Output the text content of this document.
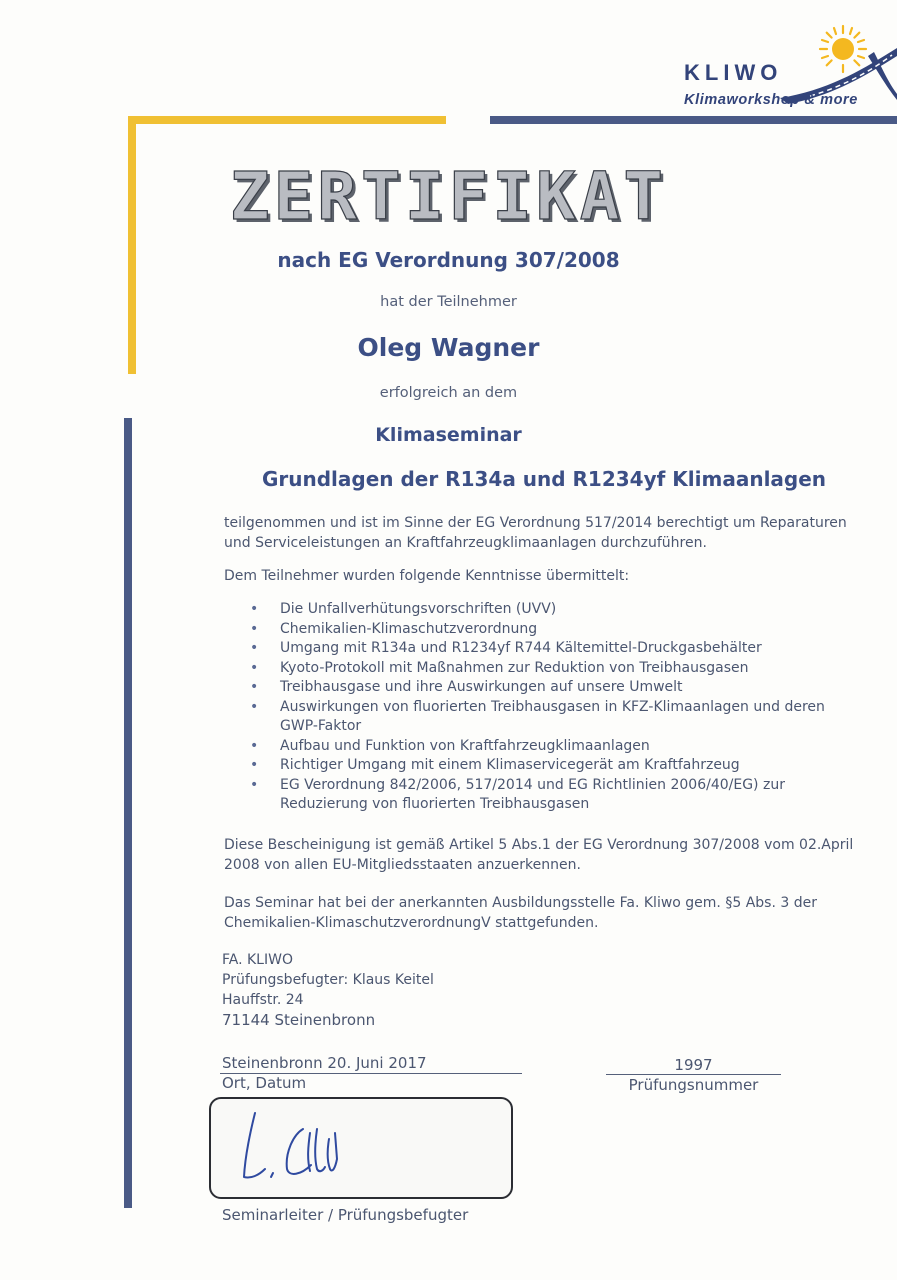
KLIWO
Klimaworkshop & more
ZERTIFIKAT
nach EG Verordnung 307/2008
hat der Teilnehmer
Oleg Wagner
erfolgreich an dem
Klimaseminar
Grundlagen der R134a und R1234yf Klimaanlagen
teilgenommen und ist im Sinne der EG Verordnung 517/2014 berechtigt um Reparaturen und Serviceleistungen an Kraftfahrzeugklimaanlagen durchzuführen.
Dem Teilnehmer wurden folgende Kenntnisse übermittelt:
• Die Unfallverhütungsvorschriften (UVV)
• Chemikalien-Klimaschutzverordnung
• Umgang mit R134a und R1234yf R744 Kältemittel-Druckgasbehälter
• Kyoto-Protokoll mit Maßnahmen zur Reduktion von Treibhausgasen
• Treibhausgase und ihre Auswirkungen auf unsere Umwelt
• Auswirkungen von fluorierten Treibhausgasen in KFZ-Klimaanlagen und deren GWP-Faktor
• Aufbau und Funktion von Kraftfahrzeugklimaanlagen
• Richtiger Umgang mit einem Klimaservicegerät am Kraftfahrzeug
• EG Verordnung 842/2006, 517/2014 und EG Richtlinien 2006/40/EG) zur Reduzierung von fluorierten Treibhausgasen
Diese Bescheinigung ist gemäß Artikel 5 Abs.1 der EG Verordnung 307/2008 vom 02.April 2008 von allen EU-Mitgliedsstaaten anzuerkennen.
Das Seminar hat bei der anerkannten Ausbildungsstelle Fa. Kliwo gem. §5 Abs. 3 der Chemikalien-KlimaschutzverordnungV stattgefunden.
FA. KLIWO
Prüfungsbefugter: Klaus Keitel
Hauffstr. 24
71144 Steinenbronn
Steinenbronn 20. Juni 2017
Ort, Datum
1997
Prüfungsnummer
Seminarleiter / Prüfungsbefugter
